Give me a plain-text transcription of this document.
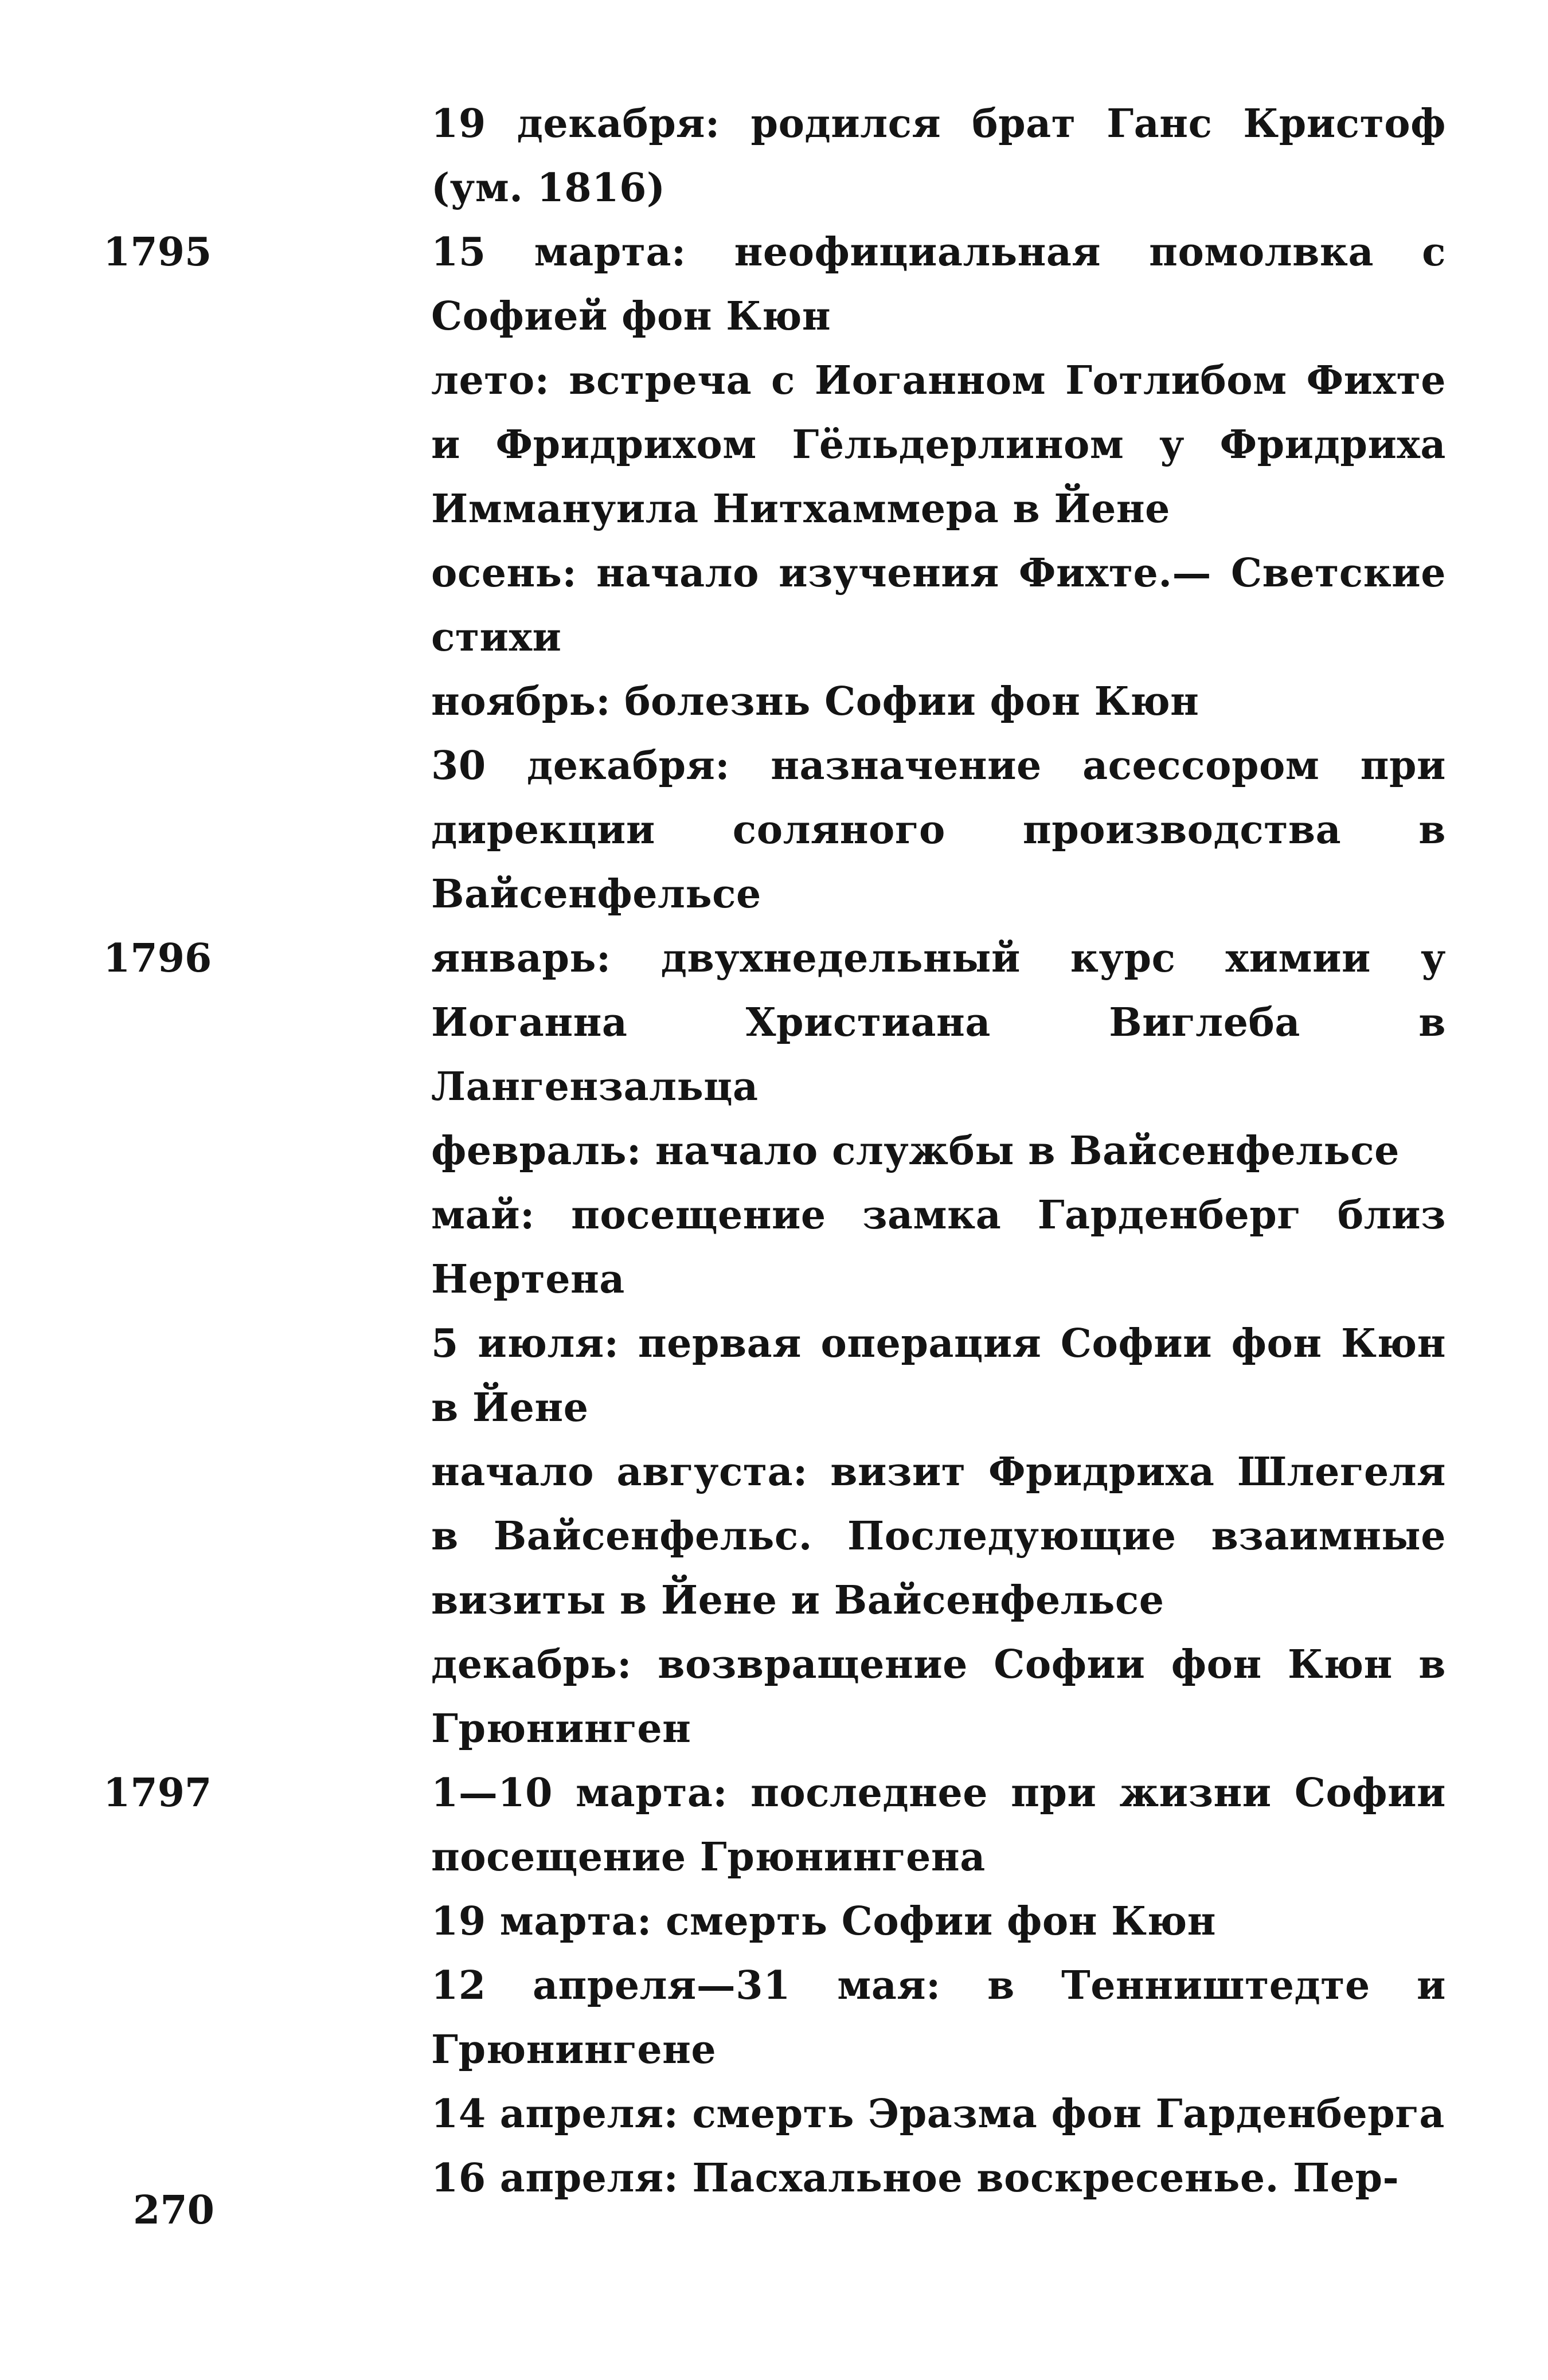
19 декабря: родился брат Ганс Кристоф (ум. 1816)
1795	15 марта: неофициальная помолвка с Софией фон Кюн
лето: встреча с Иоганном Готлибом Фихте и Фридрихом Гёльдерлином у Фридриха Иммануила Нитхаммера в Йене
осень: начало изучения Фихте.— Светские стихи
ноябрь: болезнь Софии фон Кюн
30 декабря: назначение асессором при дирекции соляного производства в Вайсенфельсе
1796	январь: двухнедельный курс химии у Иоганна Христиана Виглеба в Лангензальца
февраль: начало службы в Вайсенфельсе
май: посещение замка Гарденберг близ Нертена
5 июля: первая операция Софии фон Кюн в Йене
начало августа: визит Фридриха Шлегеля в Вайсенфельс. Последующие взаимные визиты в Йене и Вайсенфельсе
декабрь: возвращение Софии фон Кюн в Грюнинген
1797	1—10 марта: последнее при жизни Софии посещение Грюнингена
19 марта: смерть Софии фон Кюн
12 апреля—31 мая: в Тенништедте и Грюнингене
14 апреля: смерть Эразма фон Гарденберга
16 апреля: Пасхальное воскресенье. Пер-
270
